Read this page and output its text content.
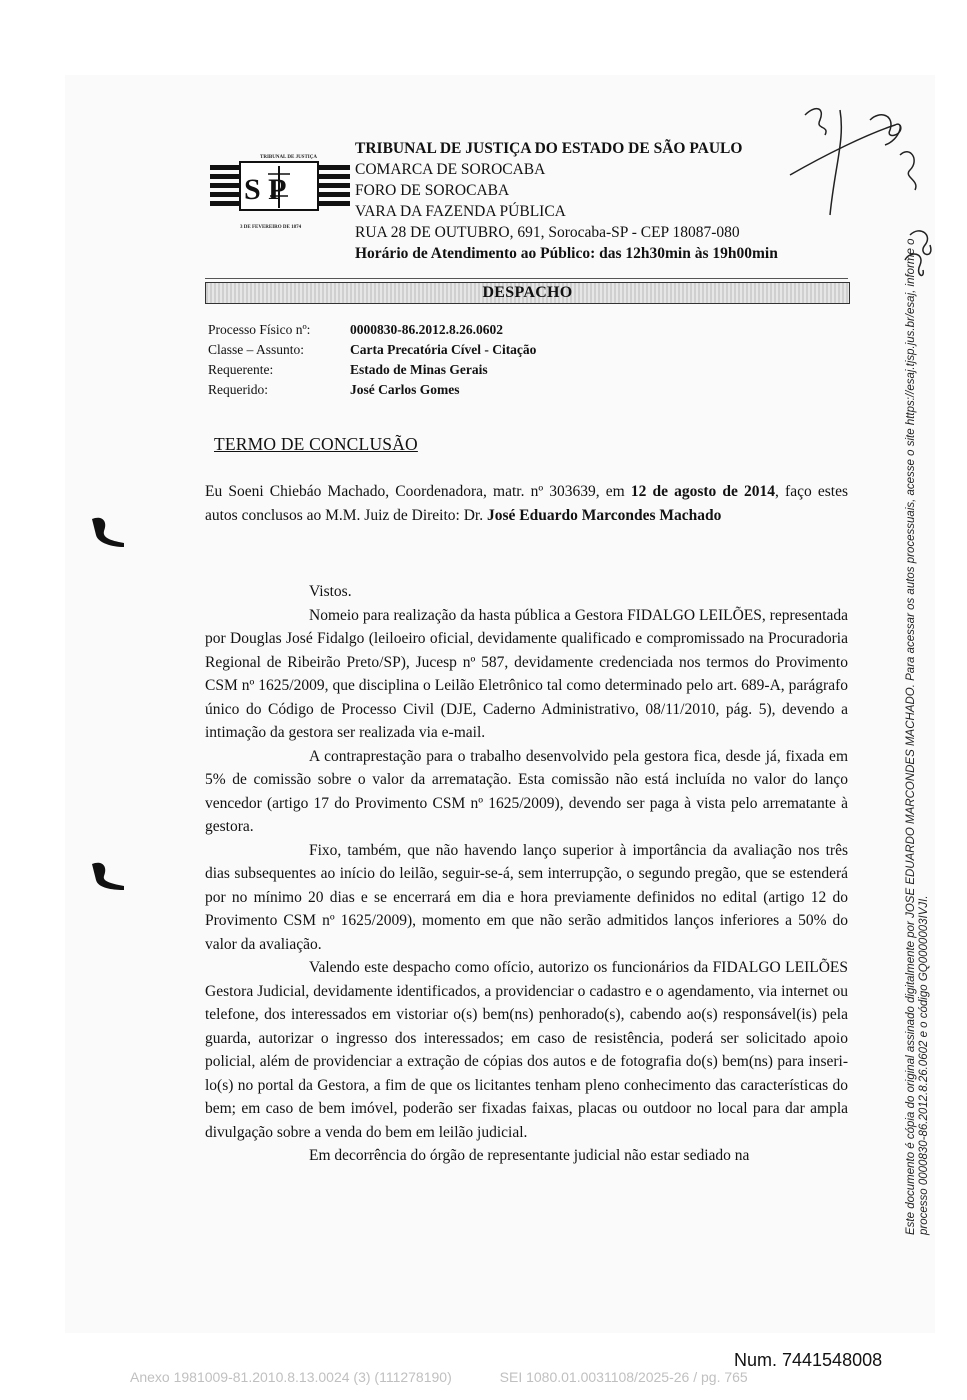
TRIBUNAL DE JUSTIÇA
S P
3 DE FEVEREIRO DE 1874
TRIBUNAL DE JUSTIÇA DO ESTADO DE SÃO PAULO
COMARCA DE SOROCABA
FORO DE SOROCABA
VARA DA FAZENDA PÚBLICA
RUA 28 DE OUTUBRO, 691, Sorocaba-SP - CEP 18087-080
Horário de Atendimento ao Público: das 12h30min às 19h00min
DESPACHO
Processo Físico nº:	0000830-86.2012.8.26.0602
Classe – Assunto:	Carta Precatória Cível - Citação
Requerente:	Estado de Minas Gerais
Requerido:	José Carlos Gomes
TERMO DE CONCLUSÃO
Eu Soeni Chiebáo Machado, Coordenadora, matr. nº 303639, em 12 de agosto de 2014, faço estes autos conclusos ao M.M. Juiz de Direito: Dr. José Eduardo Marcondes Machado

Vistos.

Nomeio para realização da hasta pública a Gestora FIDALGO LEILÕES, representada por Douglas José Fidalgo (leiloeiro oficial, devidamente qualificado e compromissado na Procuradoria Regional de Ribeirão Preto/SP), Jucesp nº 587, devidamente credenciada nos termos do Provimento CSM nº 1625/2009, que disciplina o Leilão Eletrônico tal como determinado pelo art. 689-A, parágrafo único do Código de Processo Civil (DJE, Caderno Administrativo, 08/11/2010, pág. 5), devendo a intimação da gestora ser realizada via e-mail.

A contraprestação para o trabalho desenvolvido pela gestora fica, desde já, fixada em 5% de comissão sobre o valor da arrematação. Esta comissão não está incluída no valor do lanço vencedor (artigo 17 do Provimento CSM nº 1625/2009), devendo ser paga à vista pelo arrematante à gestora.

Fixo, também, que não havendo lanço superior à importância da avaliação nos três dias subsequentes ao início do leilão, seguir-se-á, sem interrupção, o segundo pregão, que se estenderá por no mínimo 20 dias e se encerrará em dia e hora previamente definidos no edital (artigo 12 do Provimento CSM nº 1625/2009), momento em que não serão admitidos lanços inferiores a 50% do valor da avaliação.

Valendo este despacho como ofício, autorizo os funcionários da FIDALGO LEILÕES Gestora Judicial, devidamente identificados, a providenciar o cadastro e o agendamento, via internet ou telefone, dos interessados em vistoriar o(s) bem(ns) penhorado(s), cabendo ao(s) responsável(is) pela guarda, autorizar o ingresso dos interessados; em caso de resistência, poderá ser solicitado apoio policial, além de providenciar a extração de cópias dos autos e de fotografia do(s) bem(ns) para inseri-lo(s) no portal da Gestora, a fim de que os licitantes tenham pleno conhecimento das características do bem; em caso de bem imóvel, poderão ser fixadas faixas, placas ou outdoor no local para dar ampla divulgação sobre a venda do bem em leilão judicial.

Em decorrência do órgão de representante judicial não estar sediado na	Este documento é cópia do original assinado digitalmente por JOSE EDUARDO MARCONDES MACHADO. Para acessar os autos processuais, acesse o site https://esaj.tjsp.jus.br/esaj, informe o processo 0000830-86.2012.8.26.0602 e o código GQ0000003IVJI.
Num. 7441548008
Anexo 1981009-81.2010.8.13.0024 (3) (111278190)	SEI 1080.01.0031108/2025-26 / pg. 765
